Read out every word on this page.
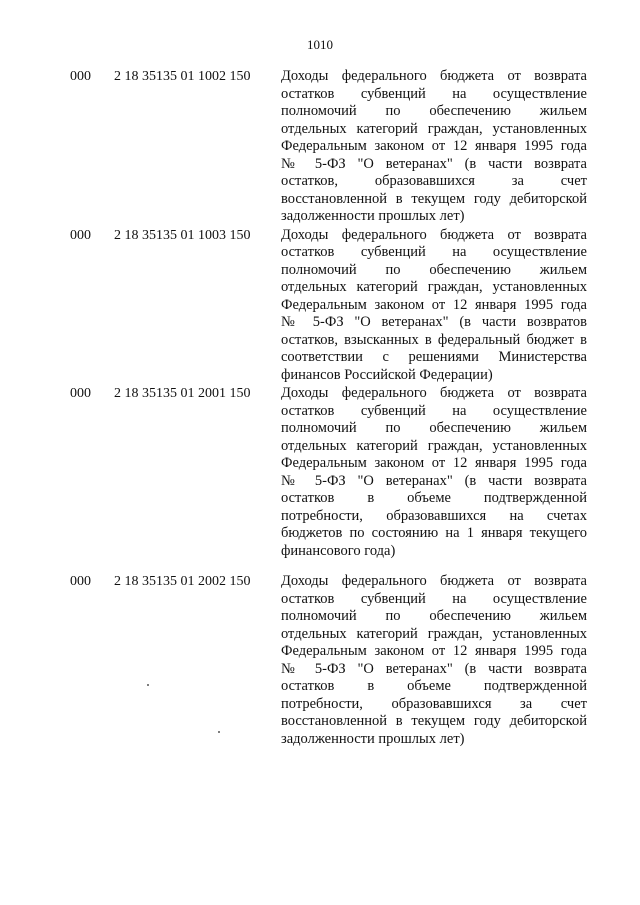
1010
000 2 18 35135 01 1002 150 Доходы федерального бюджета от возврата
остатков субвенций на осуществление
полномочий по обеспечению жильем
отдельных категорий граждан, установленных
Федеральным законом от 12 января 1995 года
№ 5-ФЗ "О ветеранах" (в части возврата
остатков, образовавшихся за счет
восстановленной в текущем году дебиторской
задолженности прошлых лет)
000 2 18 35135 01 1003 150 Доходы федерального бюджета от возврата
остатков субвенций на осуществление
полномочий по обеспечению жильем
отдельных категорий граждан, установленных
Федеральным законом от 12 января 1995 года
№ 5-ФЗ "О ветеранах" (в части возвратов
остатков, взысканных в федеральный бюджет в
соответствии с решениями Министерства
финансов Российской Федерации)
000 2 18 35135 01 2001 150 Доходы федерального бюджета от возврата
остатков субвенций на осуществление
полномочий по обеспечению жильем
отдельных категорий граждан, установленных
Федеральным законом от 12 января 1995 года
№ 5-ФЗ "О ветеранах" (в части возврата
остатков в объеме подтвержденной
потребности, образовавшихся на счетах
бюджетов по состоянию на 1 января текущего
финансового года)
000 2 18 35135 01 2002 150 Доходы федерального бюджета от возврата
остатков субвенций на осуществление
полномочий по обеспечению жильем
отдельных категорий граждан, установленных
Федеральным законом от 12 января 1995 года
№ 5-ФЗ "О ветеранах" (в части возврата
остатков в объеме подтвержденной
потребности, образовавшихся за счет
восстановленной в текущем году дебиторской
задолженности прошлых лет)
